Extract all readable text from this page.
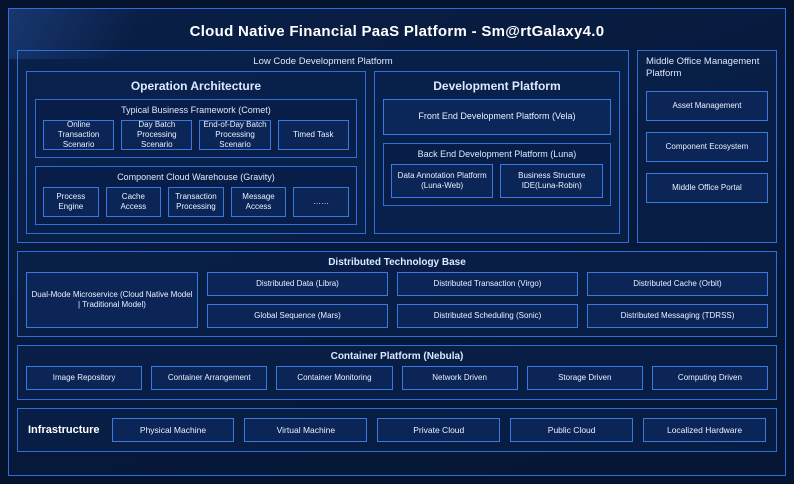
Cloud Native Financial PaaS Platform - Sm@rtGalaxy4.0
Low Code Development Platform
Operation Architecture
Typical Business Framework (Comet)
Online Transaction Scenario
Day Batch Processing Scenario
End-of-Day Batch Processing Scenario
Timed Task
Component Cloud Warehouse (Gravity)
Process Engine
Cache Access
Transaction Processing
Message Access
……
Development Platform
Front End Development Platform (Vela)
Back End Development Platform (Luna)
Data Annotation Platform (Luna-Web)
Business Structure IDE(Luna-Robin)
Middle Office Management Platform
Asset Management
Component Ecosystem
Middle Office Portal
Distributed Technology Base
Dual-Mode Microservice (Cloud Native Model | Traditional Model)
Distributed Data (Libra)	Distributed Transaction (Virgo)	Distributed Cache (Orbit)
Global Sequence (Mars)	Distributed Scheduling (Sonic)	Distributed Messaging (TDRSS)
Container Platform (Nebula)
Image Repository	Container Arrangement	Container Monitoring	Network Driven	Storage Driven	Computing Driven
Infrastructure	Physical Machine	Virtual Machine	Private Cloud	Public Cloud	Localized Hardware
